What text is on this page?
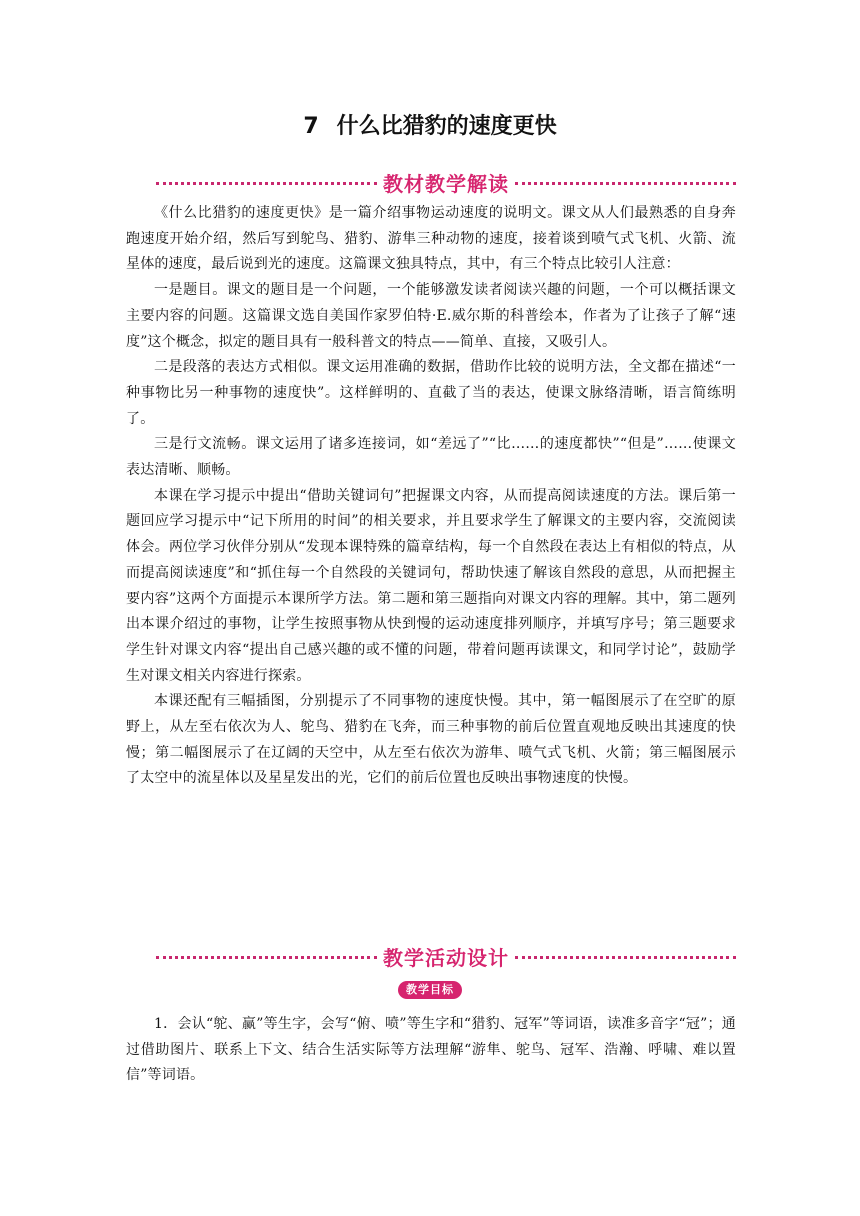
7 什么比猎豹的速度更快
教材教学解读

《什么比猎豹的速度更快》是一篇介绍事物运动速度的说明文。课文从人们最熟悉的自身奔跑速度开始介绍，然后写到鸵鸟、猎豹、游隼三种动物的速度，接着谈到喷气式飞机、火箭、流星体的速度，最后说到光的速度。这篇课文独具特点，其中，有三个特点比较引人注意：

一是题目。课文的题目是一个问题，一个能够激发读者阅读兴趣的问题，一个可以概括课文主要内容的问题。这篇课文选自美国作家罗伯特·E.威尔斯的科普绘本，作者为了让孩子了解“速度”这个概念，拟定的题目具有一般科普文的特点——简单、直接，又吸引人。

二是段落的表达方式相似。课文运用准确的数据，借助作比较的说明方法，全文都在描述“一种事物比另一种事物的速度快”。这样鲜明的、直截了当的表达，使课文脉络清晰，语言简练明了。

三是行文流畅。课文运用了诸多连接词，如“差远了”“比……的速度都快”“但是”……使课文表达清晰、顺畅。

本课在学习提示中提出“借助关键词句”把握课文内容，从而提高阅读速度的方法。课后第一题回应学习提示中“记下所用的时间”的相关要求，并且要求学生了解课文的主要内容，交流阅读体会。两位学习伙伴分别从“发现本课特殊的篇章结构，每一个自然段在表达上有相似的特点，从而提高阅读速度”和“抓住每一个自然段的关键词句，帮助快速了解该自然段的意思，从而把握主要内容”这两个方面提示本课所学方法。第二题和第三题指向对课文内容的理解。其中，第二题列出本课介绍过的事物，让学生按照事物从快到慢的运动速度排列顺序，并填写序号；第三题要求学生针对课文内容“提出自己感兴趣的或不懂的问题，带着问题再读课文，和同学讨论”，鼓励学生对课文相关内容进行探索。

本课还配有三幅插图，分别提示了不同事物的速度快慢。其中，第一幅图展示了在空旷的原野上，从左至右依次为人、鸵鸟、猎豹在飞奔，而三种事物的前后位置直观地反映出其速度的快慢；第二幅图展示了在辽阔的天空中，从左至右依次为游隼、喷气式飞机、火箭；第三幅图展示了太空中的流星体以及星星发出的光，它们的前后位置也反映出事物速度的快慢。

教学活动设计
教学目标

1．会认“鸵、赢”等生字，会写“俯、喷”等生字和“猎豹、冠军”等词语，读准多音字“冠”；通过借助图片、联系上下文、结合生活实际等方法理解“游隼、鸵鸟、冠军、浩瀚、呼啸、难以置信”等词语。
